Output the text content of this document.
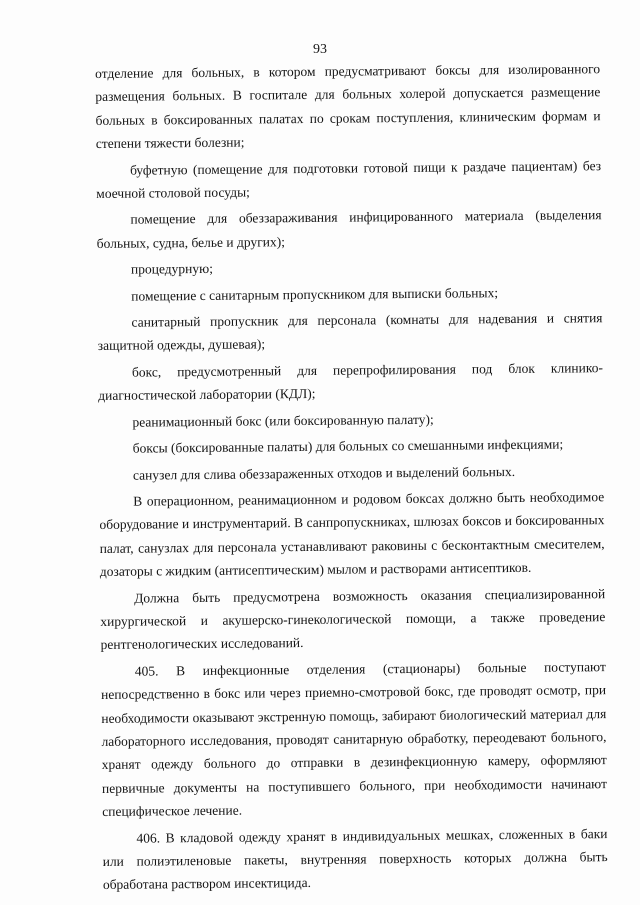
93

отделение для больных, в котором предусматривают боксы для изолированного размещения больных. В госпитале для больных холерой допускается размещение больных в боксированных палатах по срокам поступления, клиническим формам и степени тяжести болезни;

буфетную (помещение для подготовки готовой пищи к раздаче пациентам) без моечной столовой посуды;

помещение для обеззараживания инфицированного материала (выделения больных, судна, белье и других);

процедурную;

помещение с санитарным пропускником для выписки больных;

санитарный пропускник для персонала (комнаты для надевания и снятия защитной одежды, душевая);

бокс, предусмотренный для перепрофилирования под блок клинико-диагностической лаборатории (КДЛ);

реанимационный бокс (или боксированную палату);

боксы (боксированные палаты) для больных со смешанными инфекциями;

санузел для слива обеззараженных отходов и выделений больных.

В операционном, реанимационном и родовом боксах должно быть необходимое оборудование и инструментарий. В санпропускниках, шлюзах боксов и боксированных палат, санузлах для персонала устанавливают раковины с бесконтактным смесителем, дозаторы с жидким (антисептическим) мылом и растворами антисептиков.

Должна быть предусмотрена возможность оказания специализированной хирургической и акушерско-гинекологической помощи, а также проведение рентгенологических исследований.

405. В инфекционные отделения (стационары) больные поступают непосредственно в бокс или через приемно-смотровой бокс, где проводят осмотр, при необходимости оказывают экстренную помощь, забирают биологический материал для лабораторного исследования, проводят санитарную обработку, переодевают больного, хранят одежду больного до отправки в дезинфекционную камеру, оформляют первичные документы на поступившего больного, при необходимости начинают специфическое лечение.

406. В кладовой одежду хранят в индивидуальных мешках, сложенных в баки или полиэтиленовые пакеты, внутренняя поверхность которых должна быть обработана раствором инсектицида.
